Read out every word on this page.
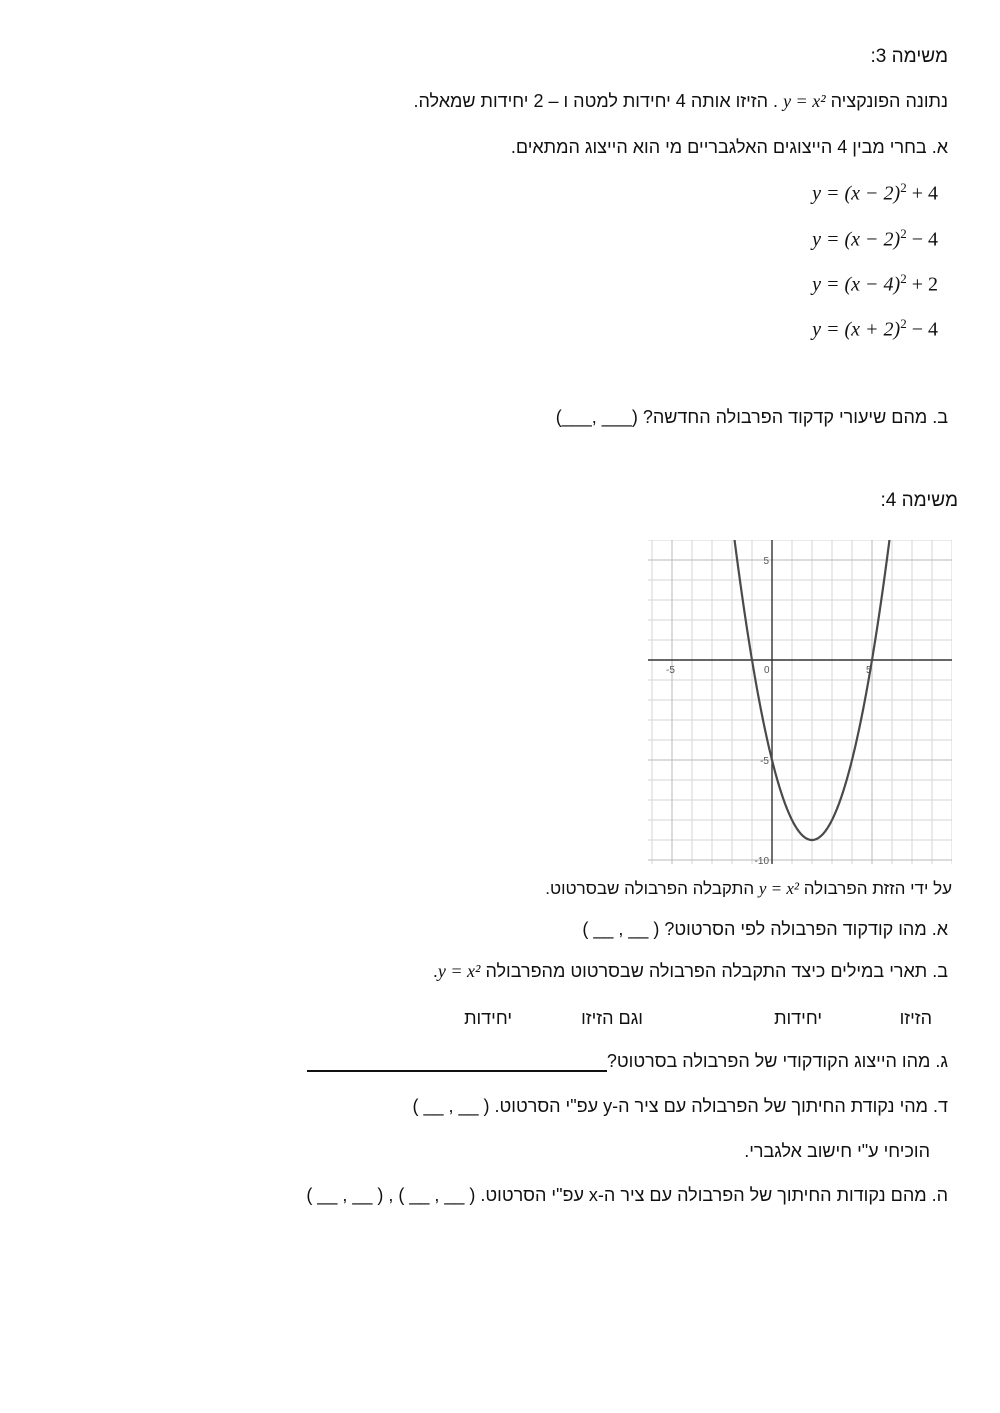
משימה 3:
נתונה הפונקציה y = x² . הזיזו אותה 4 יחידות למטה ו – 2 יחידות שמאלה.
א. בחרי מבין 4 הייצוגים האלגבריים מי הוא הייצוג המתאים.
$y = (x - 2)^2 + 4$
$y = (x - 2)^2 - 4$
$y = (x - 4)^2 + 2$
$y = (x + 2)^2 - 4$
ב. מהם שיעורי קדקוד הפרבולה החדשה? (___ ,___)
משימה 4:
-5	0	5
5
-5
-10
על ידי הזזת הפרבולה y = x² התקבלה הפרבולה שבסרטוט.
א. מהו קודקוד הפרבולה לפי הסרטוט? ( __ , __ )
ב. תארי במילים כיצד התקבלה הפרבולה שבסרטוט מהפרבולה y = x².
הזיזו
יחידות
וגם הזיזו
יחידות
ג. מהו הייצוג הקודקודי של הפרבולה בסרטוט?
ד. מהי נקודת החיתוך של הפרבולה עם ציר ה-y עפ"י הסרטוט. ( __ , __ )
הוכיחי ע"י חישוב אלגברי.
ה. מהם נקודות החיתוך של הפרבולה עם ציר ה-x עפ"י הסרטוט. ( __ , __ ) , ( __ , __ )
